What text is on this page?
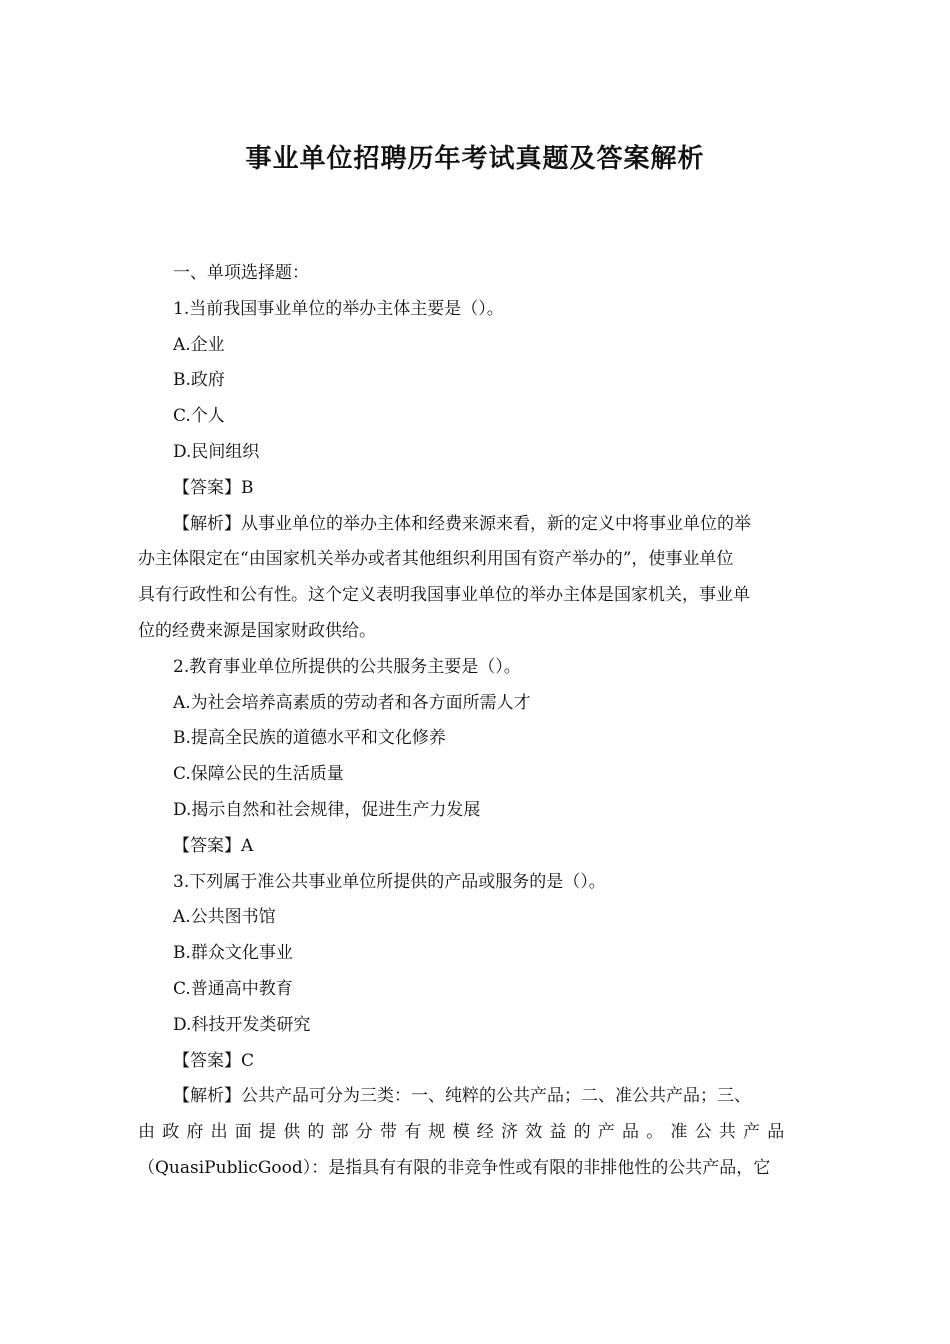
事业单位招聘历年考试真题及答案解析
一、单项选择题：
1.当前我国事业单位的举办主体主要是（）。
A.企业
B.政府
C.个人
D.民间组织
【答案】B
【解析】从事业单位的举办主体和经费来源来看，新的定义中将事业单位的举
办主体限定在“由国家机关举办或者其他组织利用国有资产举办的”，使事业单位
具有行政性和公有性。这个定义表明我国事业单位的举办主体是国家机关，事业单
位的经费来源是国家财政供给。
2.教育事业单位所提供的公共服务主要是（）。
A.为社会培养高素质的劳动者和各方面所需人才
B.提高全民族的道德水平和文化修养
C.保障公民的生活质量
D.揭示自然和社会规律，促进生产力发展
【答案】A
3.下列属于准公共事业单位所提供的产品或服务的是（）。
A.公共图书馆
B.群众文化事业
C.普通高中教育
D.科技开发类研究
【答案】C
【解析】公共产品可分为三类：一、纯粹的公共产品；二、准公共产品；三、
由政府出面提供的部分带有规模经济效益的产品。准公共产品
（QuasiPublicGood）：是指具有有限的非竞争性或有限的非排他性的公共产品，它
